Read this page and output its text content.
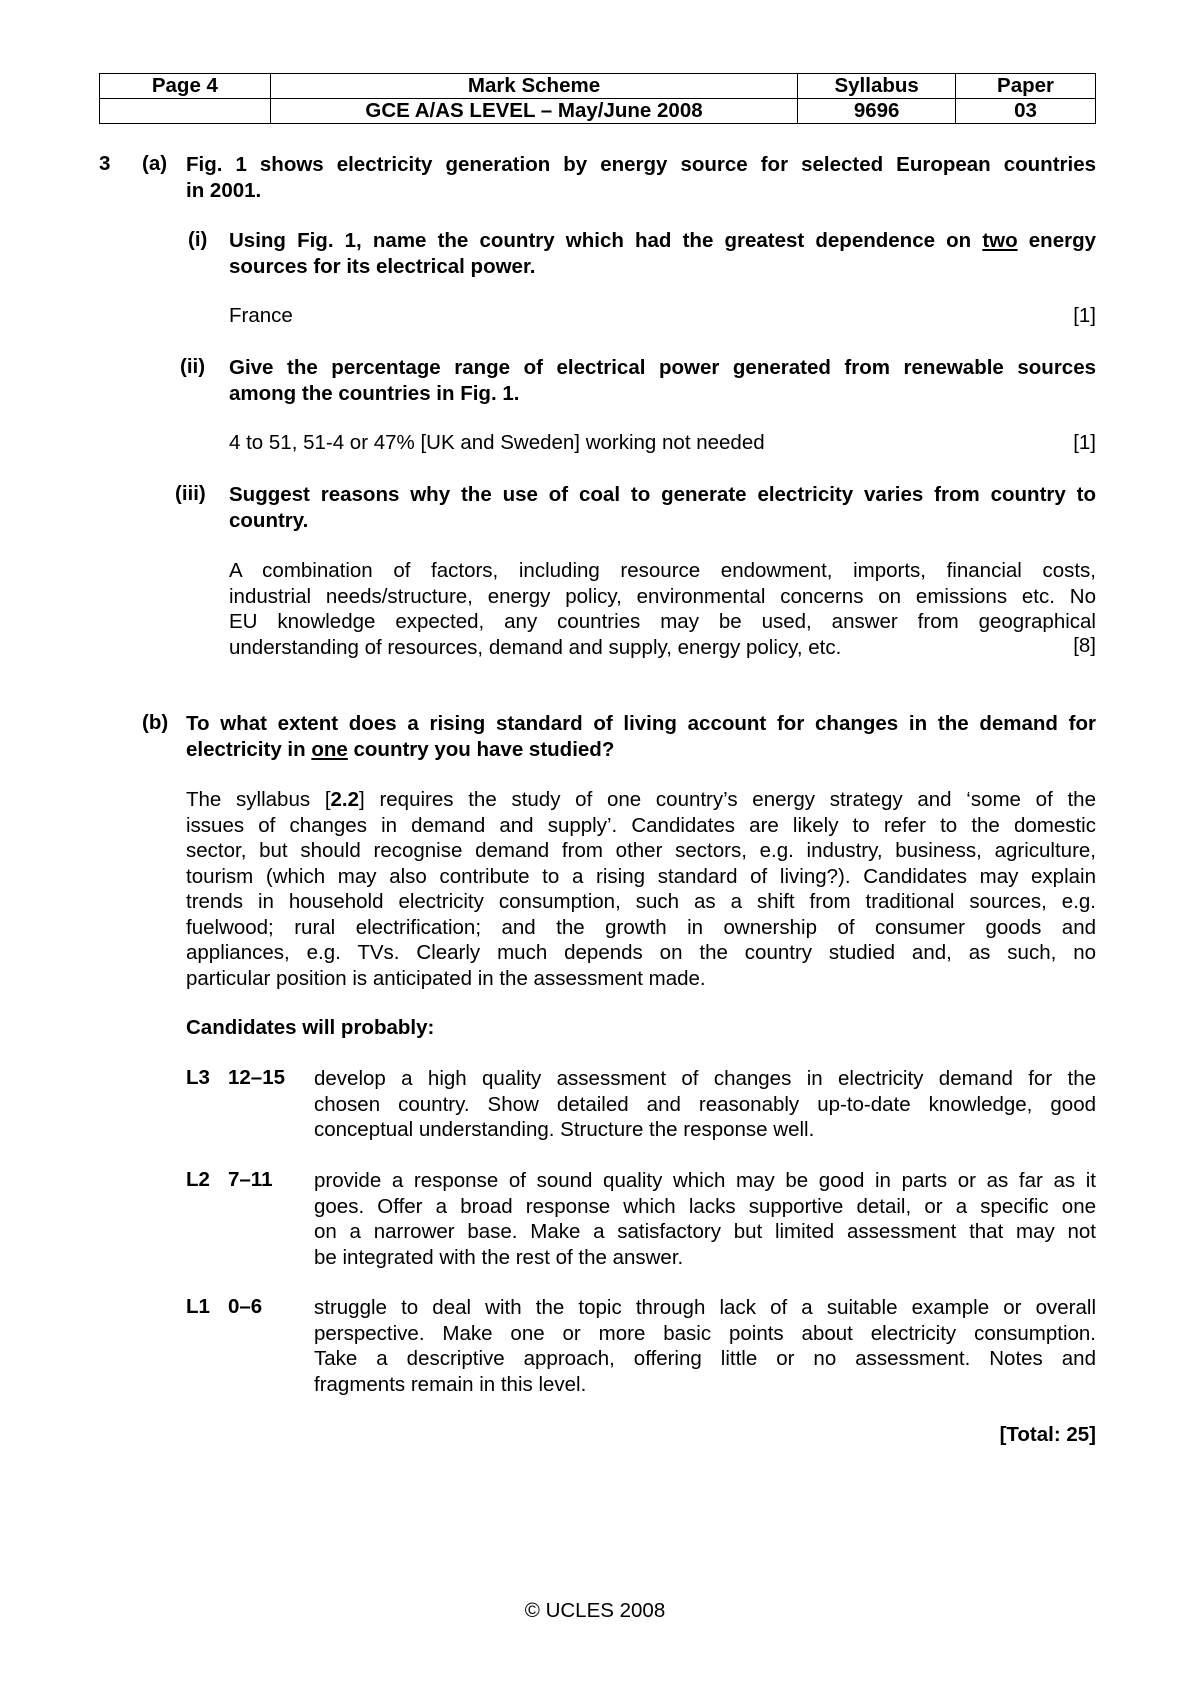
Page 4	Mark Scheme	Syllabus	Paper
	GCE A/AS LEVEL – May/June 2008	9696	03
3 (a) Fig. 1 shows electricity generation by energy source for selected European countries
in 2001.
(i) Using Fig. 1, name the country which had the greatest dependence on two energy
sources for its electrical power.
France	[1]
(ii) Give the percentage range of electrical power generated from renewable sources
among the countries in Fig. 1.
4 to 51, 51-4 or 47% [UK and Sweden] working not needed	[1]
(iii) Suggest reasons why the use of coal to generate electricity varies from country to
country.
A combination of factors, including resource endowment, imports, financial costs,
industrial needs/structure, energy policy, environmental concerns on emissions etc. No
EU knowledge expected, any countries may be used, answer from geographical
understanding of resources, demand and supply, energy policy, etc.	[8]
(b) To what extent does a rising standard of living account for changes in the demand for
electricity in one country you have studied?
The syllabus [2.2] requires the study of one country’s energy strategy and ‘some of the
issues of changes in demand and supply’. Candidates are likely to refer to the domestic
sector, but should recognise demand from other sectors, e.g. industry, business, agriculture,
tourism (which may also contribute to a rising standard of living?). Candidates may explain
trends in household electricity consumption, such as a shift from traditional sources, e.g.
fuelwood; rural electrification; and the growth in ownership of consumer goods and
appliances, e.g. TVs. Clearly much depends on the country studied and, as such, no
particular position is anticipated in the assessment made.
Candidates will probably:
L3 12–15 develop a high quality assessment of changes in electricity demand for the
chosen country. Show detailed and reasonably up-to-date knowledge, good
conceptual understanding. Structure the response well.
L2 7–11 provide a response of sound quality which may be good in parts or as far as it
goes. Offer a broad response which lacks supportive detail, or a specific one
on a narrower base. Make a satisfactory but limited assessment that may not
be integrated with the rest of the answer.
L1 0–6	struggle to deal with the topic through lack of a suitable example or overall
perspective. Make one or more basic points about electricity consumption.
Take a descriptive approach, offering little or no assessment. Notes and
fragments remain in this level.
[Total: 25]
© UCLES 2008
